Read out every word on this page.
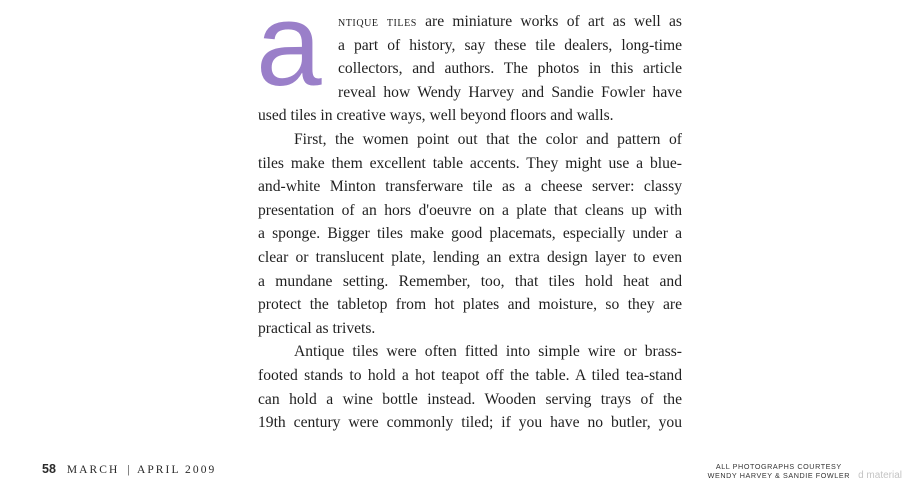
a	ntique tiles are miniature works of art as well as
a part of history, say these tile dealers, long-time
collectors, and authors. The photos in this article
reveal how Wendy Harvey and Sandie Fowler have
used tiles in creative ways, well beyond floors and walls.
First, the women point out that the color and pattern of
tiles make them excellent table accents. They might use a blue-
and-white Minton transferware tile as a cheese server: classy
presentation of an hors d'oeuvre on a plate that cleans up with
a sponge. Bigger tiles make good placemats, especially under a
clear or translucent plate, lending an extra design layer to even
a mundane setting. Remember, too, that tiles hold heat and
protect the tabletop from hot plates and moisture, so they are
practical as trivets.
Antique tiles were often fitted into simple wire or brass-
footed stands to hold a hot teapot off the table. A tiled tea-stand
can hold a wine bottle instead. Wooden serving trays of the
19th century were commonly tiled; if you have no butler, you
58 MARCH | APRIL 2009	ALL PHOTOGRAPHS COURTESY
WENDY HARVEY & SANDIE FOWLER d material
